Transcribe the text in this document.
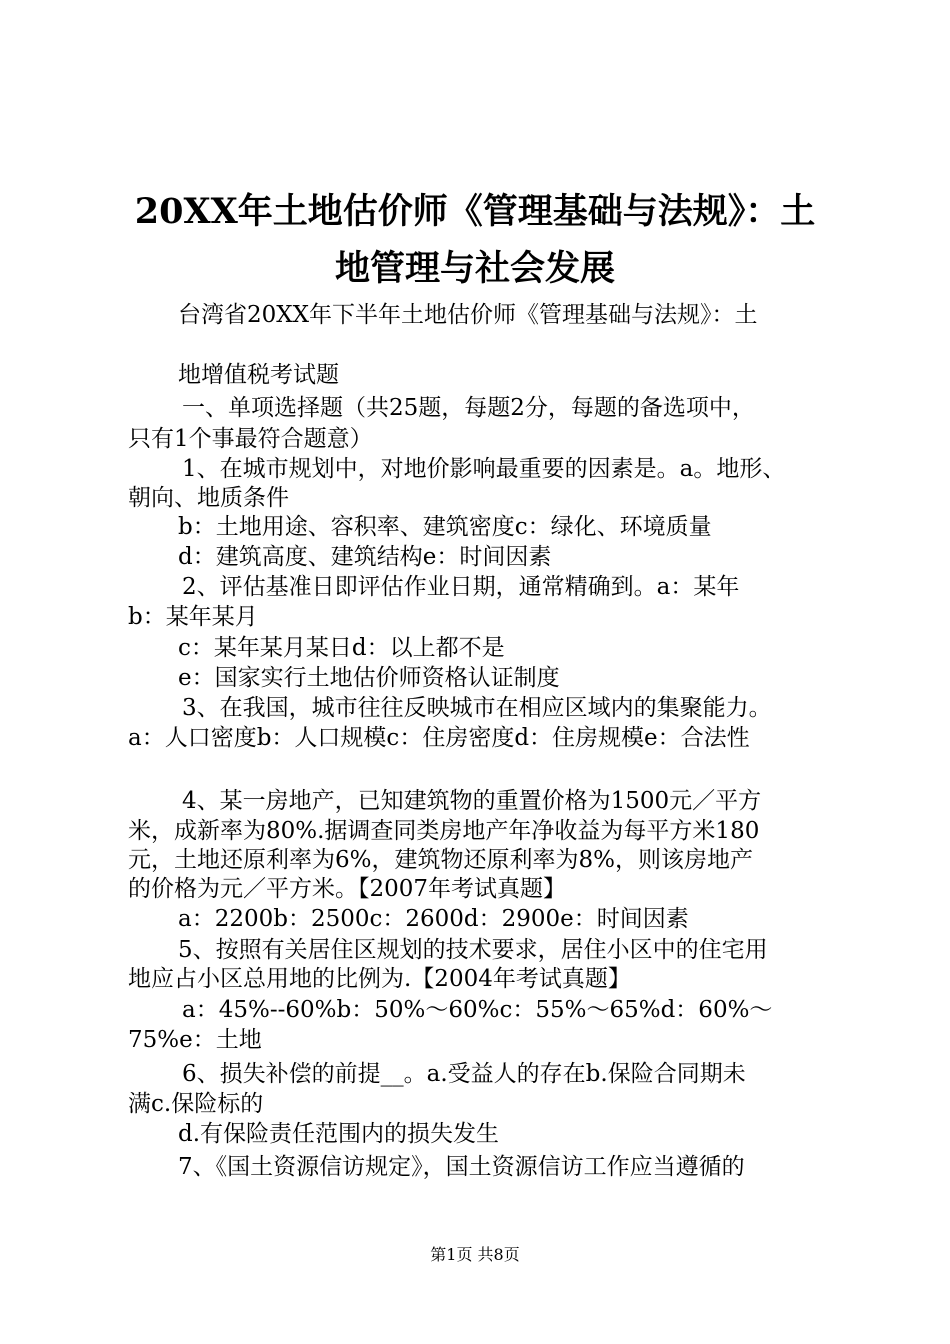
20XX年土地估价师《管理基础与法规》：土
地管理与社会发展
台湾省20XX年下半年土地估价师《管理基础与法规》：土
地增值税考试题
一、单项选择题（共25题，每题2分，每题的备选项中，
只有1个事最符合题意）
1、在城市规划中，对地价影响最重要的因素是。a。地形、
朝向、地质条件
b：土地用途、容积率、建筑密度c：绿化、环境质量
d：建筑高度、建筑结构e：时间因素
2、评估基准日即评估作业日期，通常精确到。a：某年
b：某年某月
c：某年某月某日d：以上都不是
e：国家实行土地估价师资格认证制度
3、在我国，城市往往反映城市在相应区域内的集聚能力。
a：人口密度b：人口规模c：住房密度d：住房规模e：合法性
4、某一房地产，已知建筑物的重置价格为1500元／平方
米，成新率为80%.据调查同类房地产年净收益为每平方米180
元，土地还原利率为6%，建筑物还原利率为8%，则该房地产
的价格为元／平方米。【2007年考试真题】
a：2200b：2500c：2600d：2900e：时间因素
5、按照有关居住区规划的技术要求，居住小区中的住宅用
地应占小区总用地的比例为.【2004年考试真题】
a：45%--60%b：50%～60%c：55%～65%d：60%～
75%e：土地
6、损失补偿的前提__。a.受益人的存在b.保险合同期未
满c.保险标的
d.有保险责任范围内的损失发生
7、《国土资源信访规定》，国土资源信访工作应当遵循的
第1页 共8页
